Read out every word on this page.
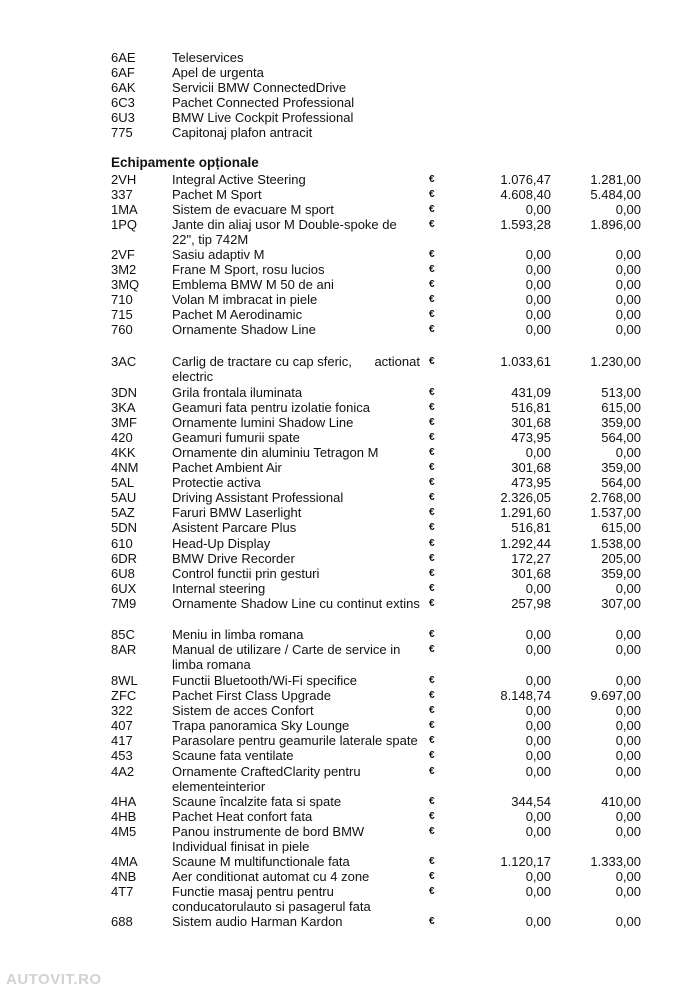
6AE	Teleservices
6AF	Apel de urgenta
6AK	Servicii BMW ConnectedDrive
6C3	Pachet Connected Professional
6U3	BMW Live Cockpit Professional
775	Capitonaj plafon antracit
Echipamente opționale
2VH	Integral Active Steering	€	1.076,47	1.281,00
337	Pachet M Sport	€	4.608,40	5.484,00
1MA	Sistem de evacuare M sport	€	0,00	0,00
1PQ	Jante din aliaj usor M Double-spoke de 22", tip 742M
€	1.593,28	1.896,00
2VF	Sasiu adaptiv M	€	0,00	0,00
3M2	Frane M Sport, rosu lucios	€	0,00	0,00
3MQ	Emblema BMW M 50 de ani	€	0,00	0,00
710	Volan M imbracat in piele	€	0,00	0,00
715	Pachet M Aerodinamic	€	0,00	0,00
760	Ornamente Shadow Line	€	0,00	0,00
3AC	Carlig de tractare cu cap sferic, actionat
electric
€	1.033,61	1.230,00
3DN	Grila frontala iluminata	€	431,09	513,00
3KA	Geamuri fata pentru izolatie fonica	€	516,81	615,00
3MF	Ornamente lumini Shadow Line	€	301,68	359,00
420	Geamuri fumurii spate	€	473,95	564,00
4KK	Ornamente din aluminiu Tetragon M	€	0,00	0,00
4NM	Pachet Ambient Air	€	301,68	359,00
5AL	Protectie activa	€	473,95	564,00
5AU	Driving Assistant Professional	€	2.326,05	2.768,00
5AZ	Faruri BMW Laserlight	€	1.291,60	1.537,00
5DN	Asistent Parcare Plus	€	516,81	615,00
610	Head-Up Display	€	1.292,44	1.538,00
6DR	BMW Drive Recorder	€	172,27	205,00
6U8	Control functii prin gesturi	€	301,68	359,00
6UX	Internal steering	€	0,00	0,00
7M9	Ornamente Shadow Line cu continut extins €	257,98	307,00
85C	Meniu in limba romana	€	0,00	0,00
8AR	Manual de utilizare / Carte de service in limba romana
€	0,00	0,00
8WL	Functii Bluetooth/Wi-Fi specifice	€	0,00	0,00
ZFC	Pachet First Class Upgrade	€	8.148,74	9.697,00
322	Sistem de acces Confort	€	0,00	0,00
407	Trapa panoramica Sky Lounge	€	0,00	0,00
417	Parasolare pentru geamurile laterale spate	€	0,00	0,00
453	Scaune fata ventilate	€	0,00	0,00
4A2	Ornamente CraftedClarity pentru elementeinterior
€	0,00	0,00
4HA	Scaune încalzite fata si spate	€	344,54	410,00
4HB	Pachet Heat confort fata	€	0,00	0,00
4M5	Panou instrumente de bord BMW Individual finisat in piele
€	0,00	0,00
4MA	Scaune M multifunctionale fata	€	1.120,17	1.333,00
4NB	Aer conditionat automat cu 4 zone	€	0,00	0,00
4T7	Functie masaj pentru pentru conducatorulauto si pasagerul fata
€	0,00	0,00
688	Sistem audio Harman Kardon	€	0,00	0,00
AUTOVIT.RO
